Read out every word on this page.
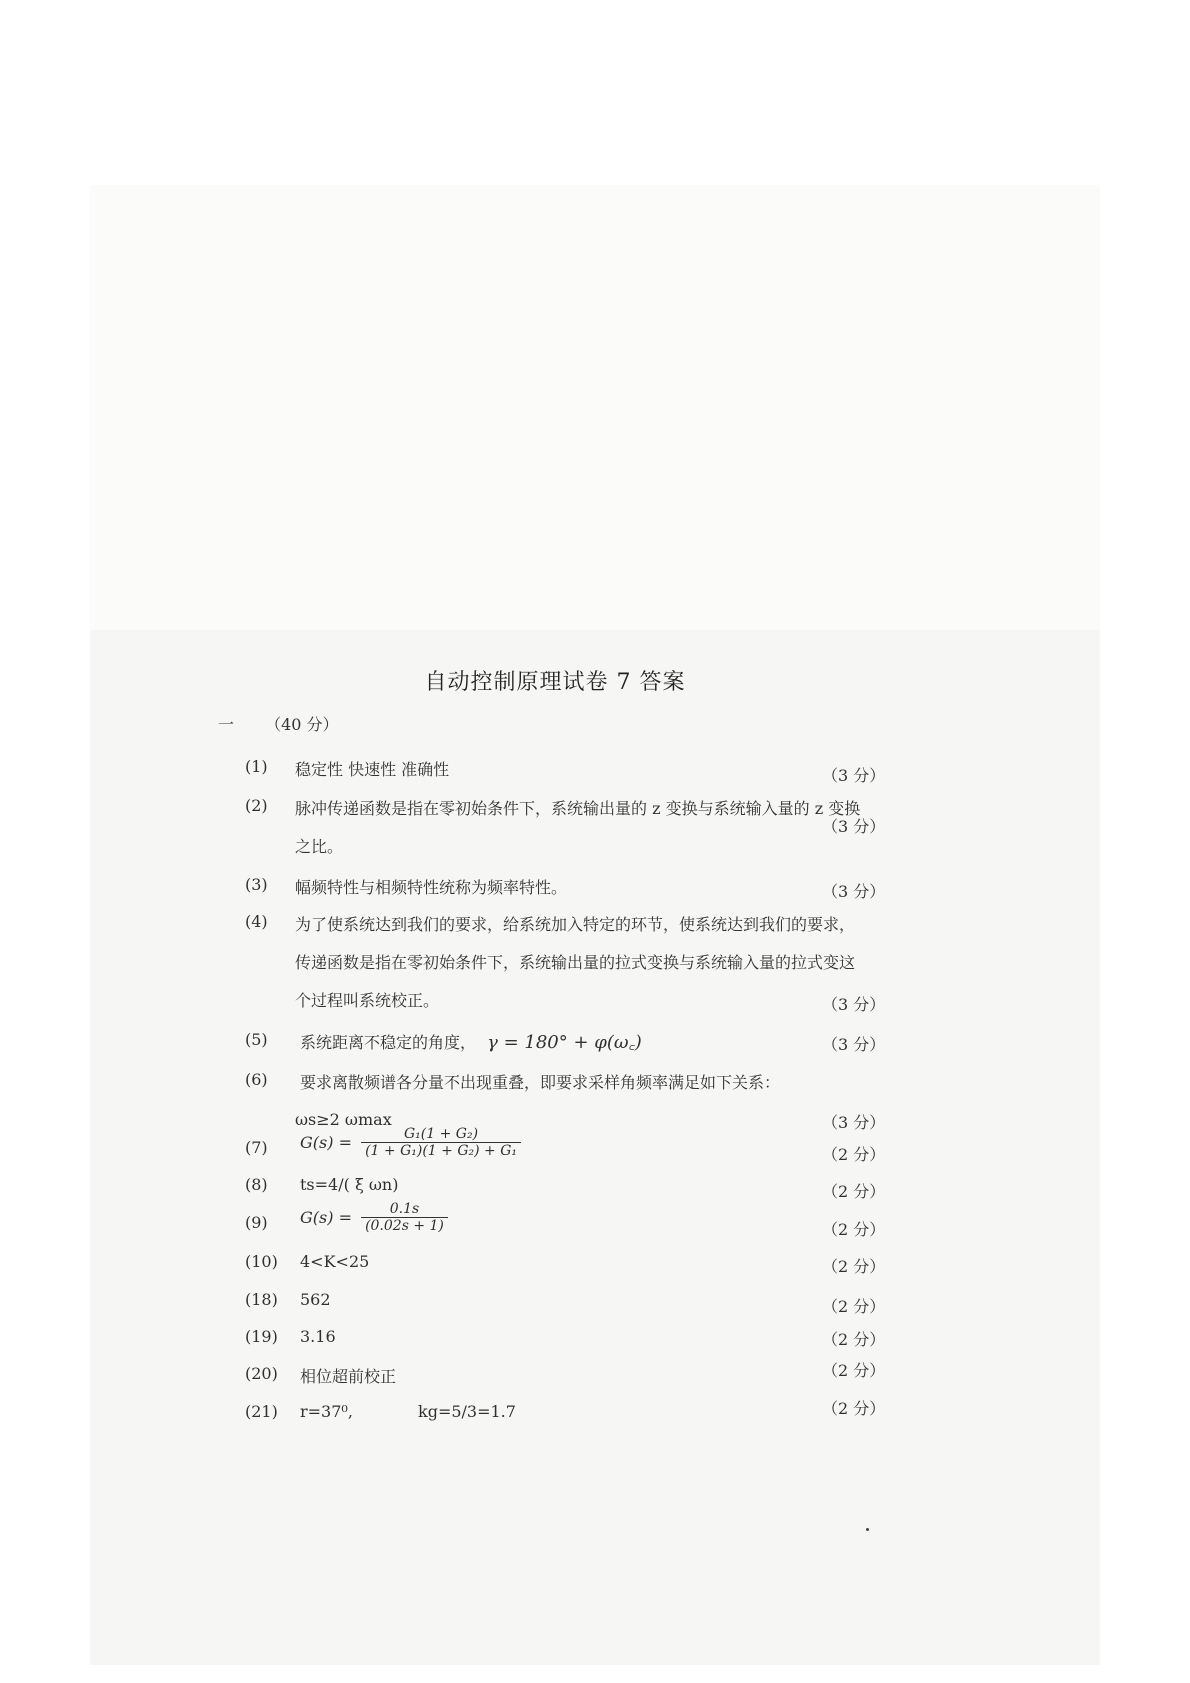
自动控制原理试卷 7 答案
一 （40 分）
(1)	稳定性 快速性 准确性	（3 分）
(2)	脉冲传递函数是指在零初始条件下，系统输出量的 z 变换与系统输入量的 z 变换
（3 分）
之比。
(3)	幅频特性与相频特性统称为频率特性。	（3 分）
(4)	为了使系统达到我们的要求，给系统加入特定的环节，使系统达到我们的要求，
传递函数是指在零初始条件下，系统输出量的拉式变换与系统输入量的拉式变这
个过程叫系统校正。	（3 分）
(5)	系统距离不稳定的角度， γ = 180° + φ(ω꜀)	（3 分）
(6)	要求离散频谱各分量不出现重叠，即要求采样角频率满足如下关系：
ωs≥2 ωmax	（3 分）
(7)	$G(s) = \frac{\text{G₁(1 + G₂)}}{\text{(1 + G₁)(1 + G₂) + G₁}}$	（2 分）
(8)	ts=4/( ξ ωn)	（2 分）
(9)	$G(s) = \frac{0.1s}{(0.02s + 1)}$	（2 分）
(10)	4<K<25	（2 分）
(18)	562	（2 分）
(19)	3.16	（2 分）
(20)	相位超前校正	（2 分）
(21)	r=37⁰,	kg=5/3=1.7	（2 分）
